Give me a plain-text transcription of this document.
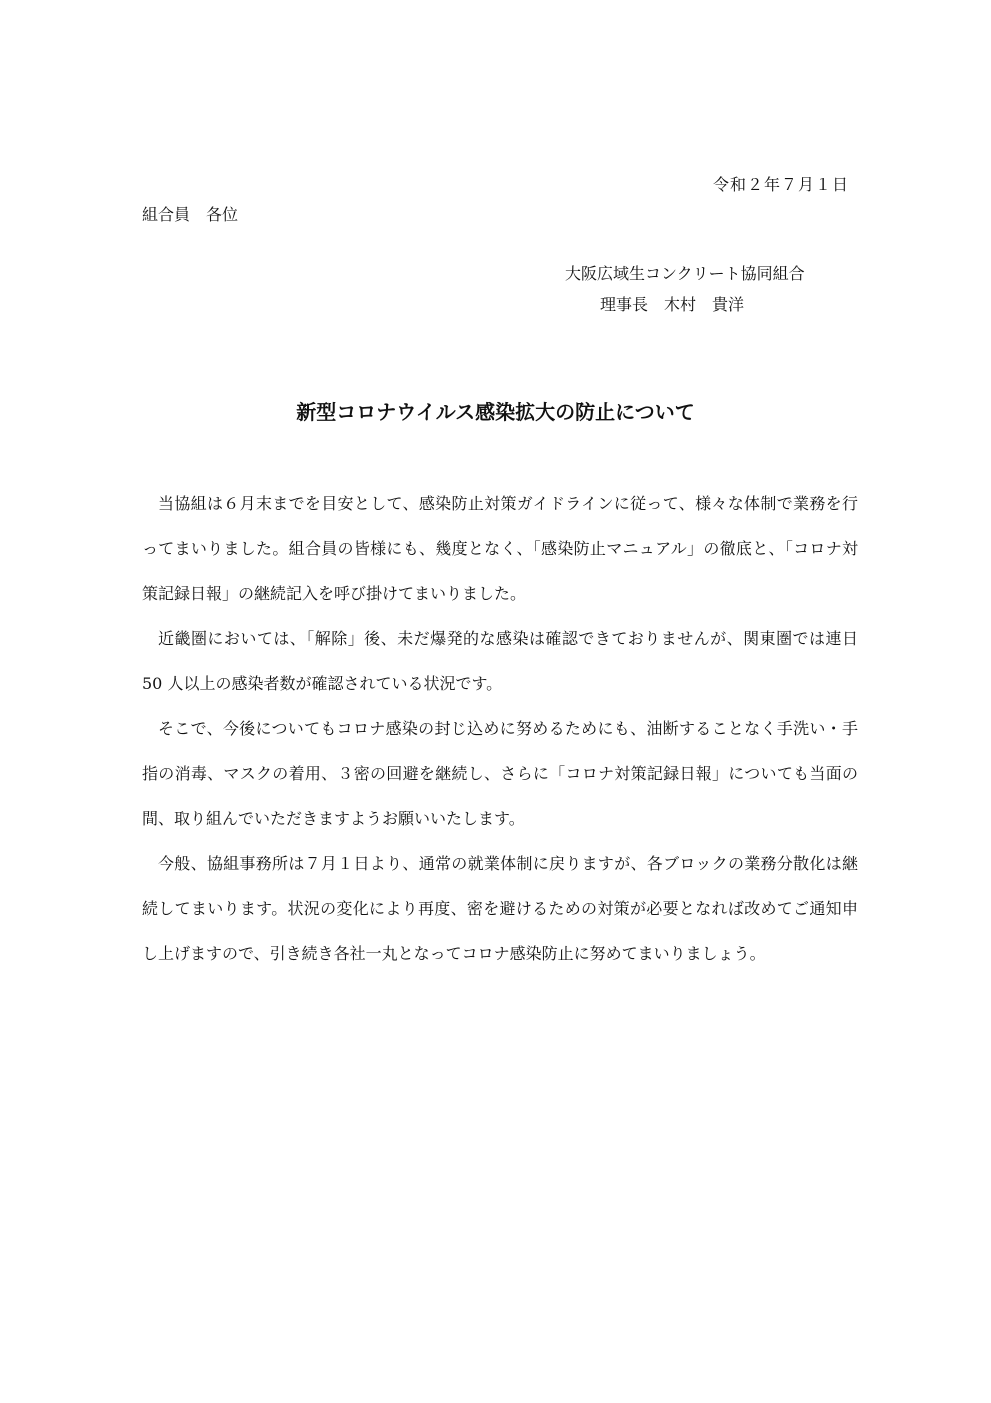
令和２年７月１日
組合員　各位
大阪広域生コンクリート協同組合
理事長　木村　貴洋
新型コロナウイルス感染拡大の防止について

当協組は６月末までを目安として、感染防止対策ガイドラインに従って、様々な体制で業務を行ってまいりました。組合員の皆様にも、幾度となく、「感染防止マニュアル」の徹底と、「コロナ対策記録日報」の継続記入を呼び掛けてまいりました。

近畿圏においては、「解除」後、未だ爆発的な感染は確認できておりませんが、関東圏では連日 50 人以上の感染者数が確認されている状況です。

そこで、今後についてもコロナ感染の封じ込めに努めるためにも、油断することなく手洗い・手指の消毒、マスクの着用、３密の回避を継続し、さらに「コロナ対策記録日報」についても当面の間、取り組んでいただきますようお願いいたします。

今般、協組事務所は７月１日より、通常の就業体制に戻りますが、各ブロックの業務分散化は継続してまいります。状況の変化により再度、密を避けるための対策が必要となれば改めてご通知申し上げますので、引き続き各社一丸となってコロナ感染防止に努めてまいりましょう。
